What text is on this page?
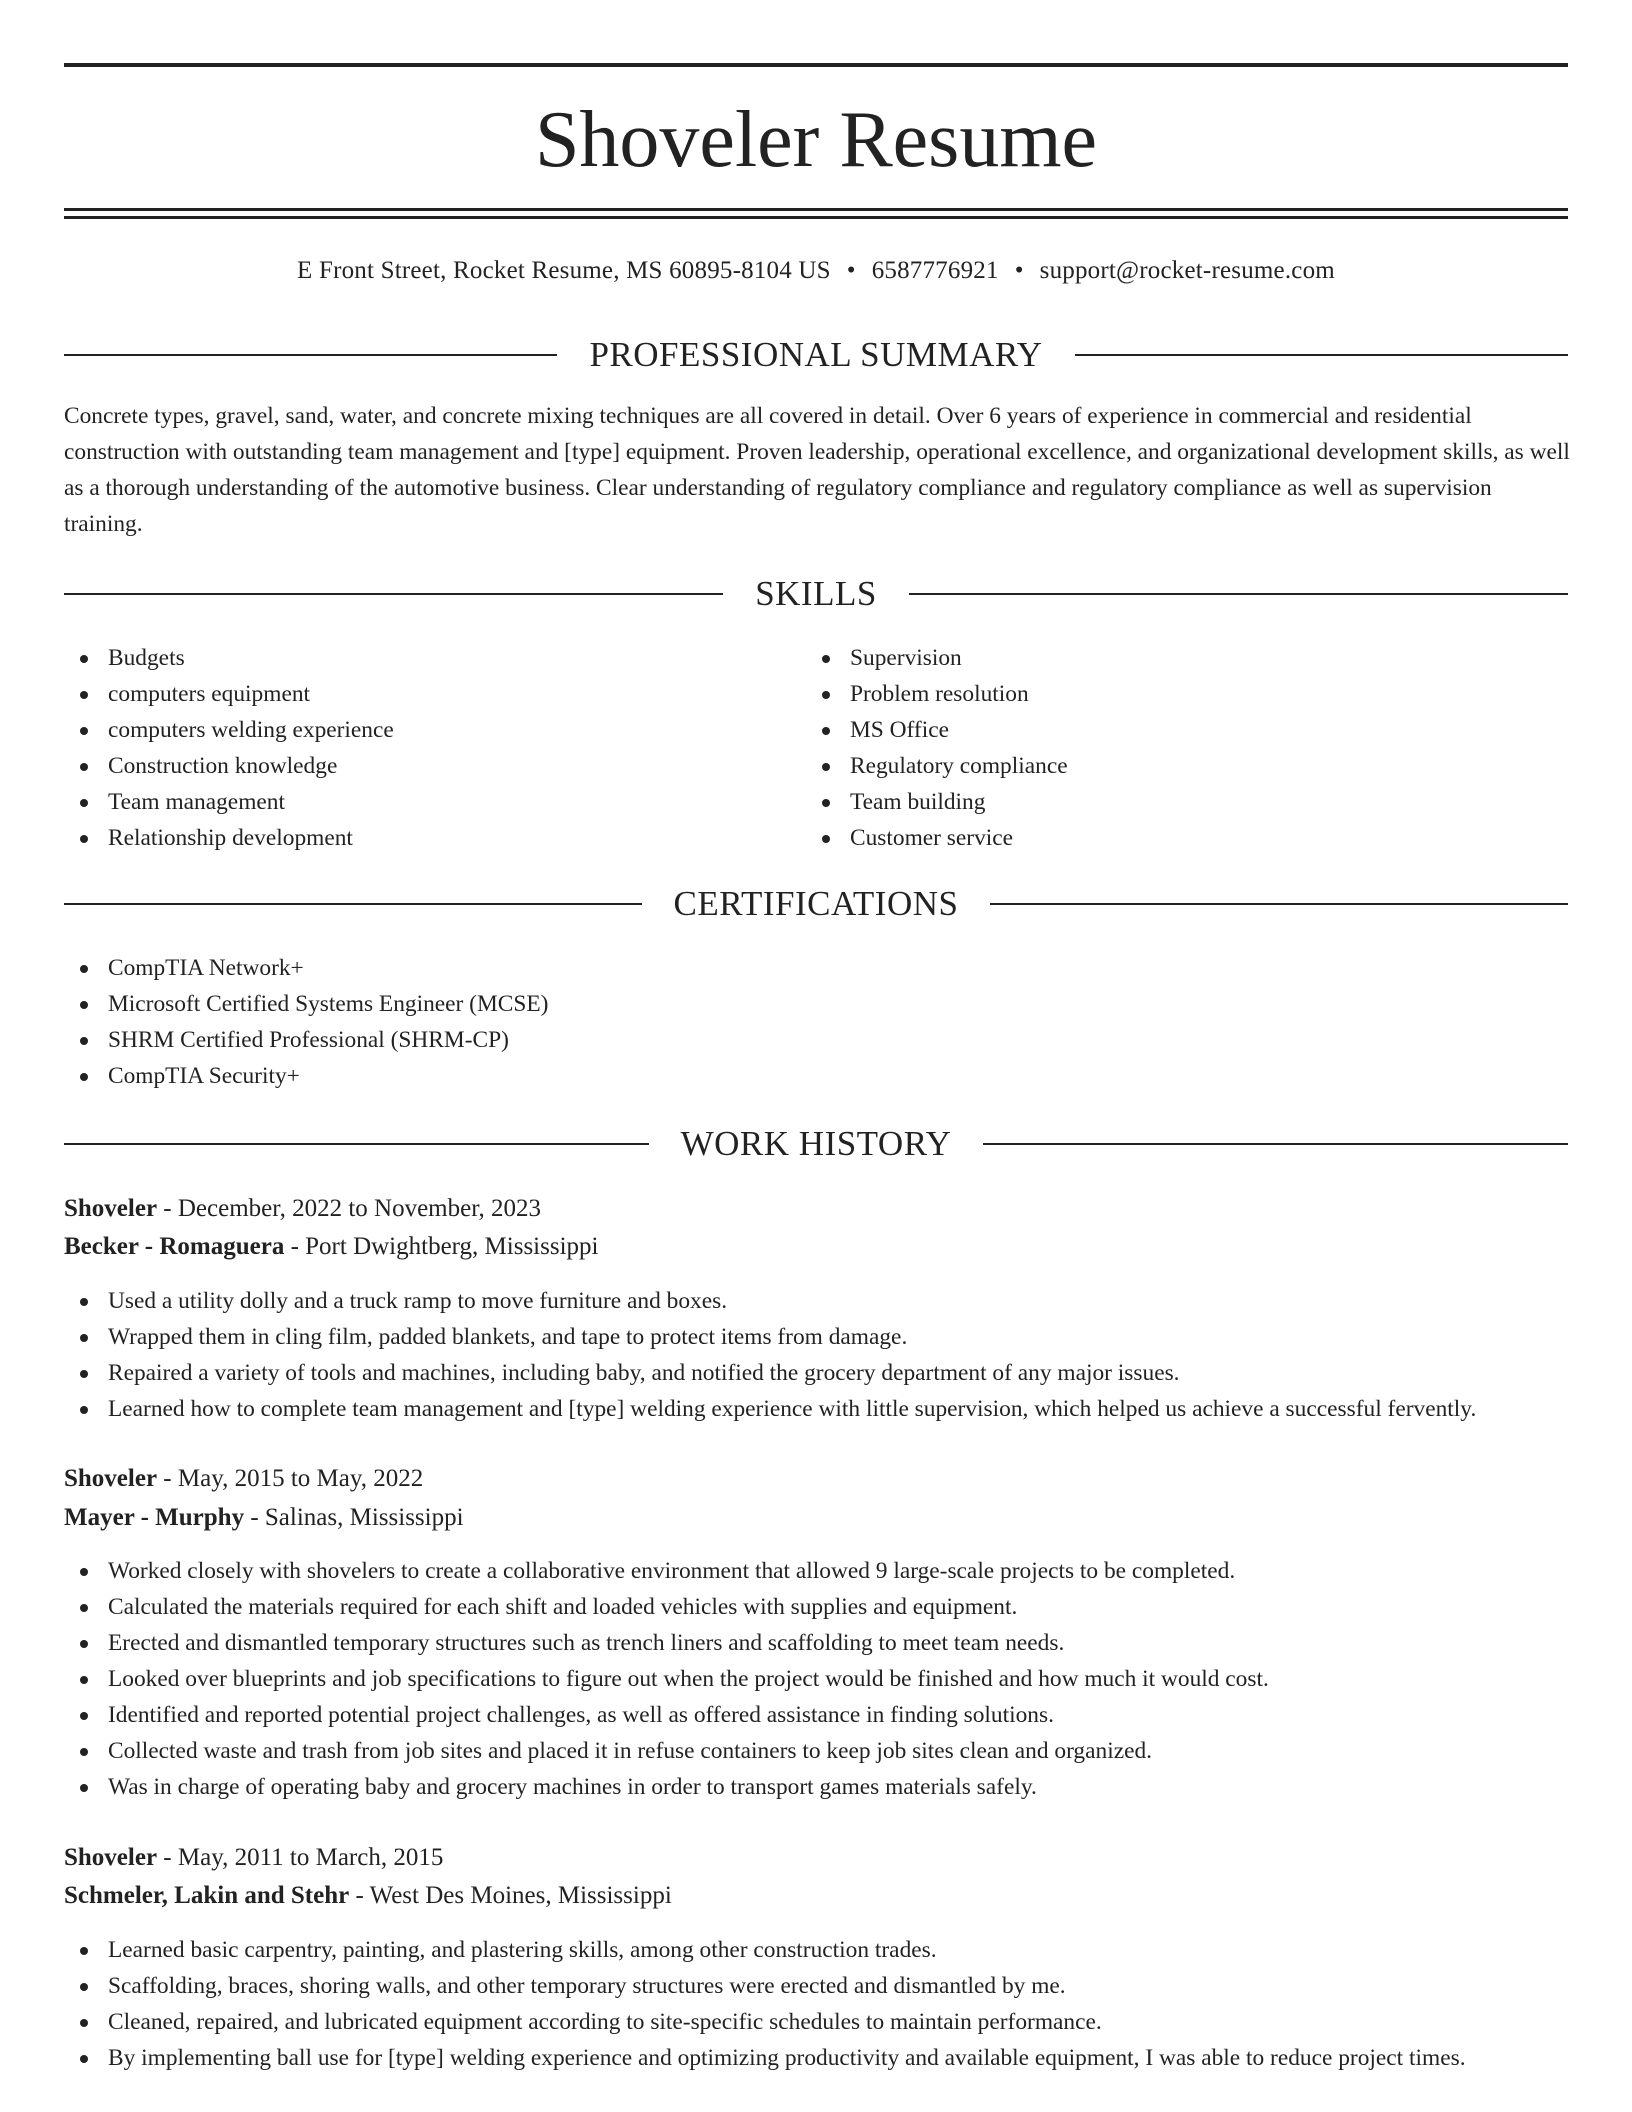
Shoveler Resume
E Front Street, Rocket Resume, MS 60895-8104 US • 6587776921 • support@rocket-resume.com
PROFESSIONAL SUMMARY

Concrete types, gravel, sand, water, and concrete mixing techniques are all covered in detail. Over 6 years of experience in commercial and residential construction with outstanding team management and [type] equipment. Proven leadership, operational excellence, and organizational development skills, as well as a thorough understanding of the automotive business. Clear understanding of regulatory compliance and regulatory compliance as well as supervision training.

SKILLS
Budgets
computers equipment
computers welding experience
Construction knowledge
Team management
Relationship development
Supervision
Problem resolution
MS Office
Regulatory compliance
Team building
Customer service
CERTIFICATIONS
CompTIA Network+
Microsoft Certified Systems Engineer (MCSE)
SHRM Certified Professional (SHRM-CP)
CompTIA Security+
WORK HISTORY
Shoveler - December, 2022 to November, 2023
Becker - Romaguera - Port Dwightberg, Mississippi
Used a utility dolly and a truck ramp to move furniture and boxes.
Wrapped them in cling film, padded blankets, and tape to protect items from damage.
Repaired a variety of tools and machines, including baby, and notified the grocery department of any major issues.
Learned how to complete team management and [type] welding experience with little supervision, which helped us achieve a successful fervently.
Shoveler - May, 2015 to May, 2022
Mayer - Murphy - Salinas, Mississippi
Worked closely with shovelers to create a collaborative environment that allowed 9 large-scale projects to be completed.
Calculated the materials required for each shift and loaded vehicles with supplies and equipment.
Erected and dismantled temporary structures such as trench liners and scaffolding to meet team needs.
Looked over blueprints and job specifications to figure out when the project would be finished and how much it would cost.
Identified and reported potential project challenges, as well as offered assistance in finding solutions.
Collected waste and trash from job sites and placed it in refuse containers to keep job sites clean and organized.
Was in charge of operating baby and grocery machines in order to transport games materials safely.
Shoveler - May, 2011 to March, 2015
Schmeler, Lakin and Stehr - West Des Moines, Mississippi
Learned basic carpentry, painting, and plastering skills, among other construction trades.
Scaffolding, braces, shoring walls, and other temporary structures were erected and dismantled by me.
Cleaned, repaired, and lubricated equipment according to site-specific schedules to maintain performance.
By implementing ball use for [type] welding experience and optimizing productivity and available equipment, I was able to reduce project times.
